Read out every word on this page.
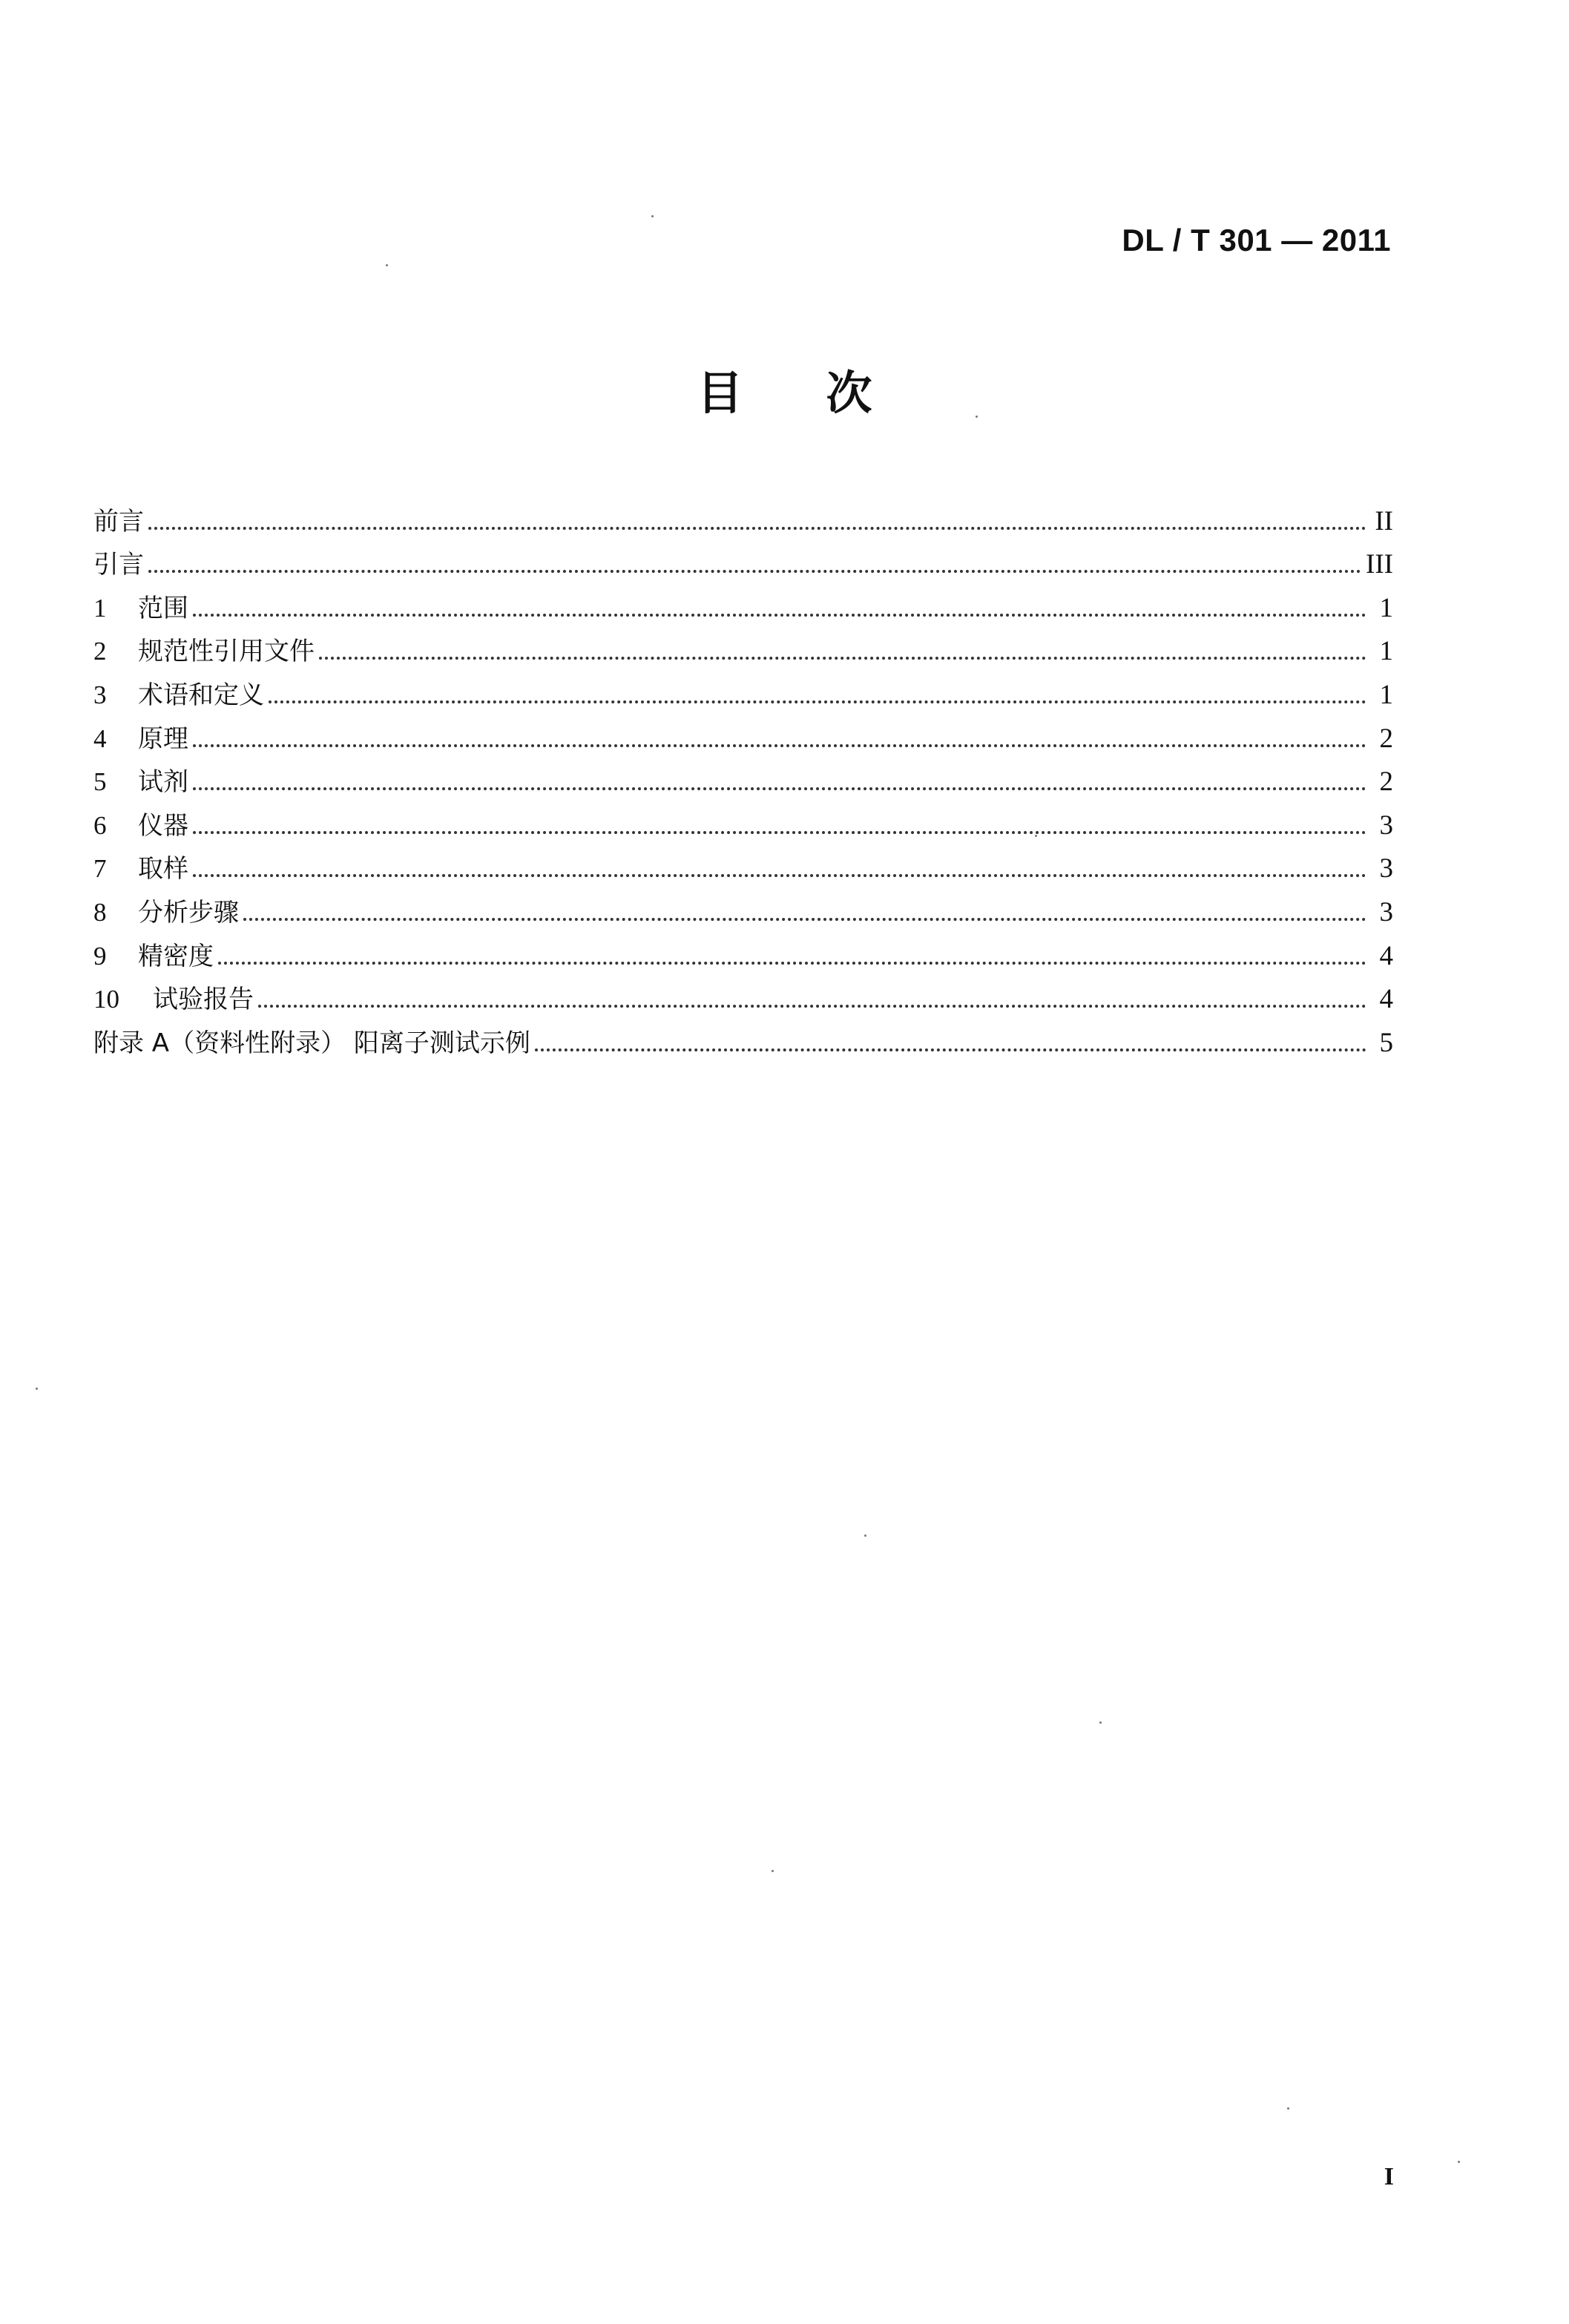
DL / T 301 — 2011
目次
前言	II
引言	III
1	范围	1
2	规范性引用文件	1
3	术语和定义	1
4	原理	2
5	试剂	2
6	仪器	3
7	取样	3
8	分析步骤	3
9	精密度	4
10	试验报告	4
附录 A（资料性附录） 阳离子测试示例	5
I
